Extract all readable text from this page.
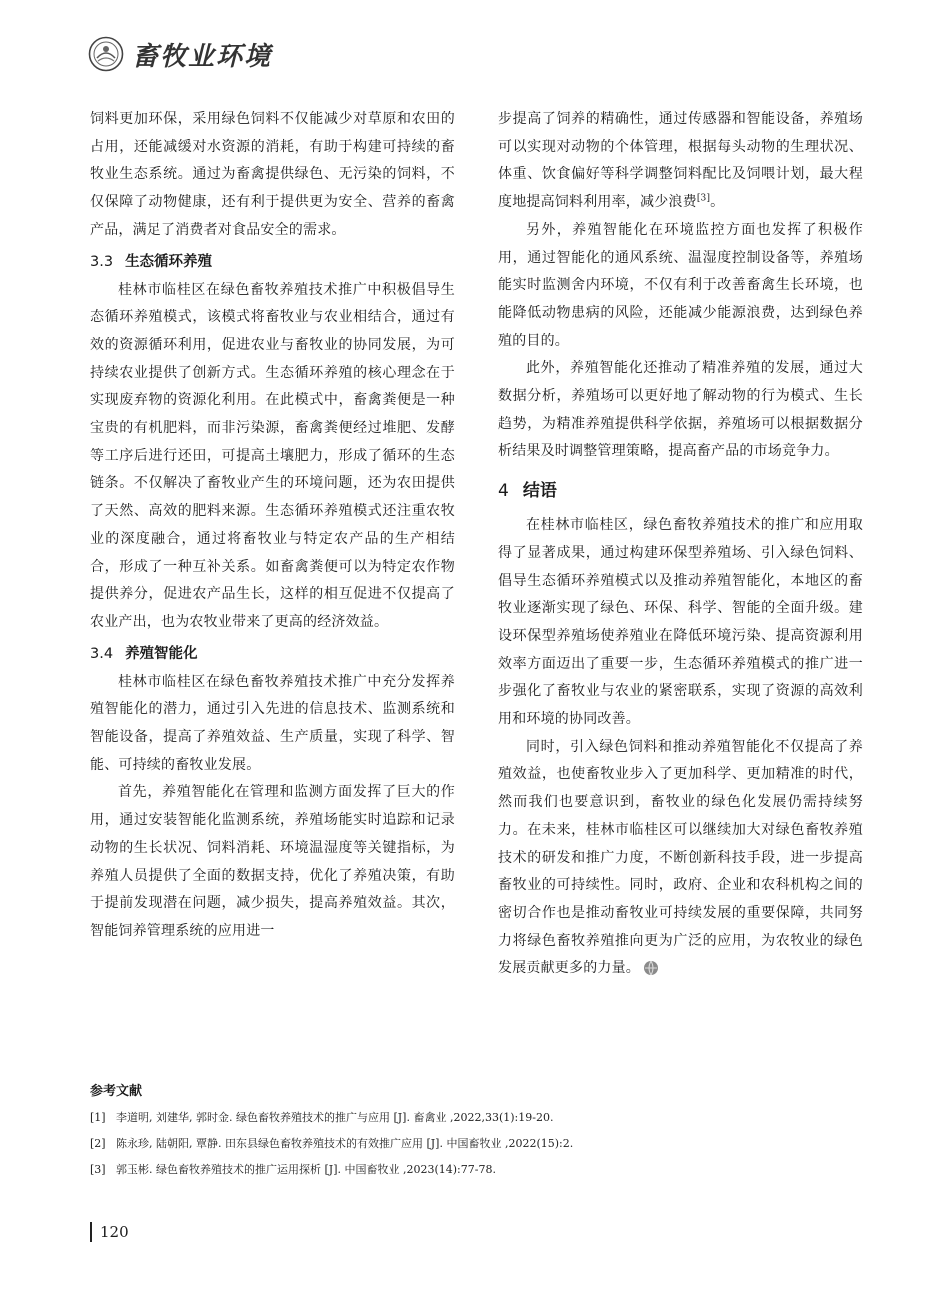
畜牧业环境

饲料更加环保，采用绿色饲料不仅能减少对草原和农田的占用，还能减缓对水资源的消耗，有助于构建可持续的畜牧业生态系统。通过为畜禽提供绿色、无污染的饲料，不仅保障了动物健康，还有利于提供更为安全、营养的畜禽产品，满足了消费者对食品安全的需求。

3.3 生态循环养殖

桂林市临桂区在绿色畜牧养殖技术推广中积极倡导生态循环养殖模式，该模式将畜牧业与农业相结合，通过有效的资源循环利用，促进农业与畜牧业的协同发展，为可持续农业提供了创新方式。生态循环养殖的核心理念在于实现废弃物的资源化利用。在此模式中，畜禽粪便是一种宝贵的有机肥料，而非污染源，畜禽粪便经过堆肥、发酵等工序后进行还田，可提高土壤肥力，形成了循环的生态链条。不仅解决了畜牧业产生的环境问题，还为农田提供了天然、高效的肥料来源。生态循环养殖模式还注重农牧业的深度融合，通过将畜牧业与特定农产品的生产相结合，形成了一种互补关系。如畜禽粪便可以为特定农作物提供养分，促进农产品生长，这样的相互促进不仅提高了农业产出，也为农牧业带来了更高的经济效益。

3.4 养殖智能化

桂林市临桂区在绿色畜牧养殖技术推广中充分发挥养殖智能化的潜力，通过引入先进的信息技术、监测系统和智能设备，提高了养殖效益、生产质量，实现了科学、智能、可持续的畜牧业发展。

首先，养殖智能化在管理和监测方面发挥了巨大的作用，通过安装智能化监测系统，养殖场能实时追踪和记录动物的生长状况、饲料消耗、环境温湿度等关键指标，为养殖人员提供了全面的数据支持，优化了养殖决策，有助于提前发现潜在问题，减少损失，提高养殖效益。其次，智能饲养管理系统的应用进一

步提高了饲养的精确性，通过传感器和智能设备，养殖场可以实现对动物的个体管理，根据每头动物的生理状况、体重、饮食偏好等科学调整饲料配比及饲喂计划，最大程度地提高饲料利用率，减少浪费[3]。

另外，养殖智能化在环境监控方面也发挥了积极作用，通过智能化的通风系统、温湿度控制设备等，养殖场能实时监测舍内环境，不仅有利于改善畜禽生长环境，也能降低动物患病的风险，还能减少能源浪费，达到绿色养殖的目的。

此外，养殖智能化还推动了精准养殖的发展，通过大数据分析，养殖场可以更好地了解动物的行为模式、生长趋势，为精准养殖提供科学依据，养殖场可以根据数据分析结果及时调整管理策略，提高畜产品的市场竞争力。

4 结语

在桂林市临桂区，绿色畜牧养殖技术的推广和应用取得了显著成果，通过构建环保型养殖场、引入绿色饲料、倡导生态循环养殖模式以及推动养殖智能化，本地区的畜牧业逐渐实现了绿色、环保、科学、智能的全面升级。建设环保型养殖场使养殖业在降低环境污染、提高资源利用效率方面迈出了重要一步，生态循环养殖模式的推广进一步强化了畜牧业与农业的紧密联系，实现了资源的高效利用和环境的协同改善。

同时，引入绿色饲料和推动养殖智能化不仅提高了养殖效益，也使畜牧业步入了更加科学、更加精准的时代，然而我们也要意识到，畜牧业的绿色化发展仍需持续努力。在未来，桂林市临桂区可以继续加大对绿色畜牧养殖技术的研发和推广力度，不断创新科技手段，进一步提高畜牧业的可持续性。同时，政府、企业和农科机构之间的密切合作也是推动畜牧业可持续发展的重要保障，共同努力将绿色畜牧养殖推向更为广泛的应用，为农牧业的绿色发展贡献更多的力量。

参考文献
[1] 李道明, 刘建华, 郭时金. 绿色畜牧养殖技术的推广与应用 [J]. 畜禽业 ,2022,33(1):19-20.
[2] 陈永珍, 陆朝阳, 覃静. 田东县绿色畜牧养殖技术的有效推广应用 [J]. 中国畜牧业 ,2022(15):2.
[3] 郭玉彬. 绿色畜牧养殖技术的推广运用探析 [J]. 中国畜牧业 ,2023(14):77-78.
120
